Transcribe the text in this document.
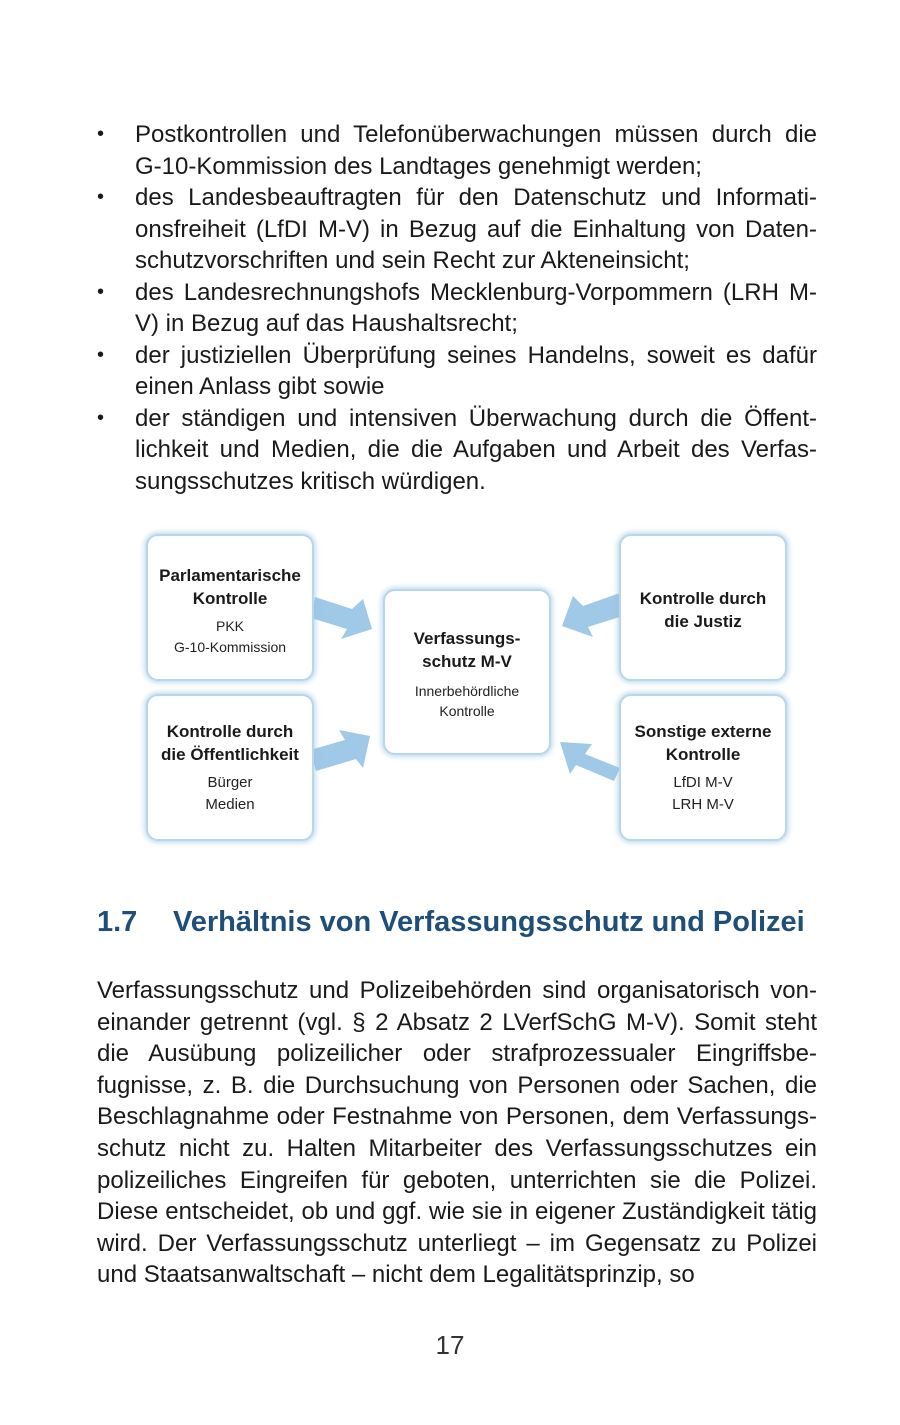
• Postkontrollen und Telefonüberwachungen müssen durch die G-10-Kommission des Landtages genehmigt werden;
• des Landesbeauftragten für den Datenschutz und Informati-onsfreiheit (LfDI M-V) in Bezug auf die Einhaltung von Daten-schutzvorschriften und sein Recht zur Akteneinsicht;
• des Landesrechnungshofs Mecklenburg-Vorpommern (LRH M-V) in Bezug auf das Haushaltsrecht;
• der justiziellen Überprüfung seines Handelns, soweit es dafür einen Anlass gibt sowie
• der ständigen und intensiven Überwachung durch die Öffent-lichkeit und Medien, die die Aufgaben und Arbeit des Verfas-sungsschutzes kritisch würdigen.
Parlamentarische
Kontrolle
PKK
G-10-Kommission
Kontrolle durch
die Öffentlichkeit
Bürger
Medien
Verfassungs-
schutz M-V
Innerbehördliche
Kontrolle
Kontrolle durch
die Justiz
Sonstige externe
Kontrolle
LfDI M-V
LRH M-V
1.7 Verhältnis von Verfassungsschutz und Polizei

Verfassungsschutz und Polizeibehörden sind organisatorisch von-einander getrennt (vgl. § 2 Absatz 2 LVerfSchG M-V). Somit steht die Ausübung polizeilicher oder strafprozessualer Eingriffsbe-fugnisse, z. B. die Durchsuchung von Personen oder Sachen, die Beschlagnahme oder Festnahme von Personen, dem Verfassungs-schutz nicht zu. Halten Mitarbeiter des Verfassungsschutzes ein polizeiliches Eingreifen für geboten, unterrichten sie die Polizei. Diese entscheidet, ob und ggf. wie sie in eigener Zuständigkeit tätig wird. Der Verfassungsschutz unterliegt – im Gegensatz zu Polizei und Staatsanwaltschaft – nicht dem Legalitätsprinzip, so

17
